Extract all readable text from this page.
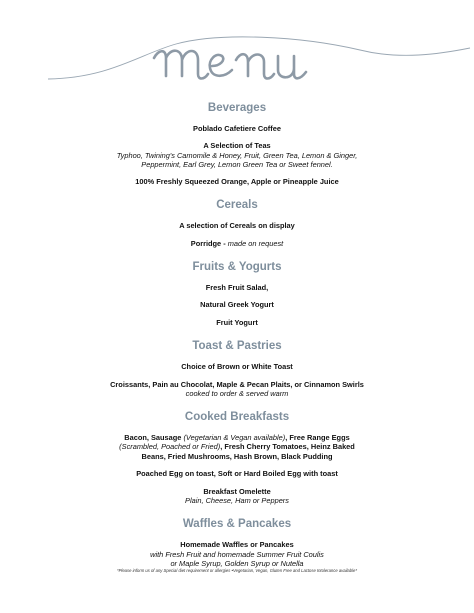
Beverages
Poblado Cafetiere Coffee
A Selection of Teas
Typhoo, Twining's Camomile & Honey, Fruit, Green Tea, Lemon & Ginger, Peppermint, Earl Grey, Lemon Green Tea or Sweet fennel.
100% Freshly Squeezed Orange, Apple or Pineapple Juice
Cereals
A selection of Cereals on display
Porridge - made on request
Fruits & Yogurts
Fresh Fruit Salad,
Natural Greek Yogurt
Fruit Yogurt
Toast & Pastries
Choice of Brown or White Toast
Croissants, Pain au Chocolat, Maple & Pecan Plaits, or Cinnamon Swirls
cooked to order & served warm
Cooked Breakfasts
Bacon, Sausage (Vegetarian & Vegan available), Free Range Eggs (Scrambled, Poached or Fried), Fresh Cherry Tomatoes, Heinz Baked Beans, Fried Mushrooms, Hash Brown, Black Pudding
Poached Egg on toast, Soft or Hard Boiled Egg with toast
Breakfast Omelette
Plain, Cheese, Ham or Peppers
Waffles & Pancakes
Homemade Waffles or Pancakes
with Fresh Fruit and homemade Summer Fruit Coulis
or Maple Syrup, Golden Syrup or Nutella
*Please inform us of any Special diet requirement or allergies •Vegetarian, Vegan, Gluten Free and Lactose Intolerance available*
